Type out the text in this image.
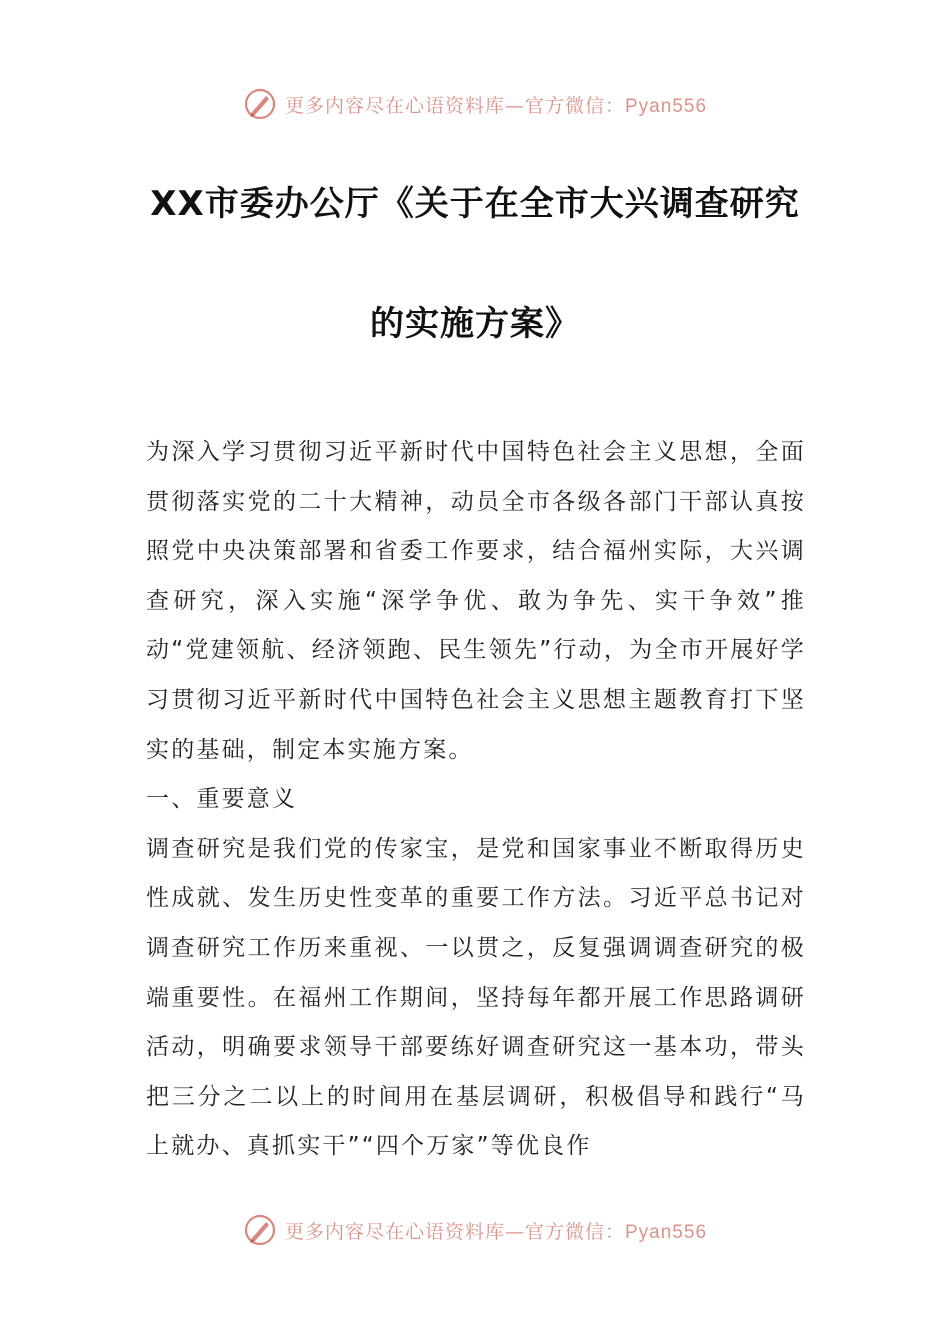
更多内容尽在心语资料库—官方微信：Pyan556
XX市委办公厅《关于在全市大兴调查研究
的实施方案》

为深入学习贯彻习近平新时代中国特色社会主义思想，全面贯彻落实党的二十大精神，动员全市各级各部门干部认真按照党中央决策部署和省委工作要求，结合福州实际，大兴调查研究，深入实施“深学争优、敢为争先、实干争效”推动“党建领航、经济领跑、民生领先”行动，为全市开展好学习贯彻习近平新时代中国特色社会主义思想主题教育打下坚实的基础，制定本实施方案。

一、重要意义

调查研究是我们党的传家宝，是党和国家事业不断取得历史性成就、发生历史性变革的重要工作方法。习近平总书记对调查研究工作历来重视、一以贯之，反复强调调查研究的极端重要性。在福州工作期间，坚持每年都开展工作思路调研活动，明确要求领导干部要练好调查研究这一基本功，带头把三分之二以上的时间用在基层调研，积极倡导和践行“马上就办、真抓实干”“四个万家”等优良作

更多内容尽在心语资料库—官方微信：Pyan556
